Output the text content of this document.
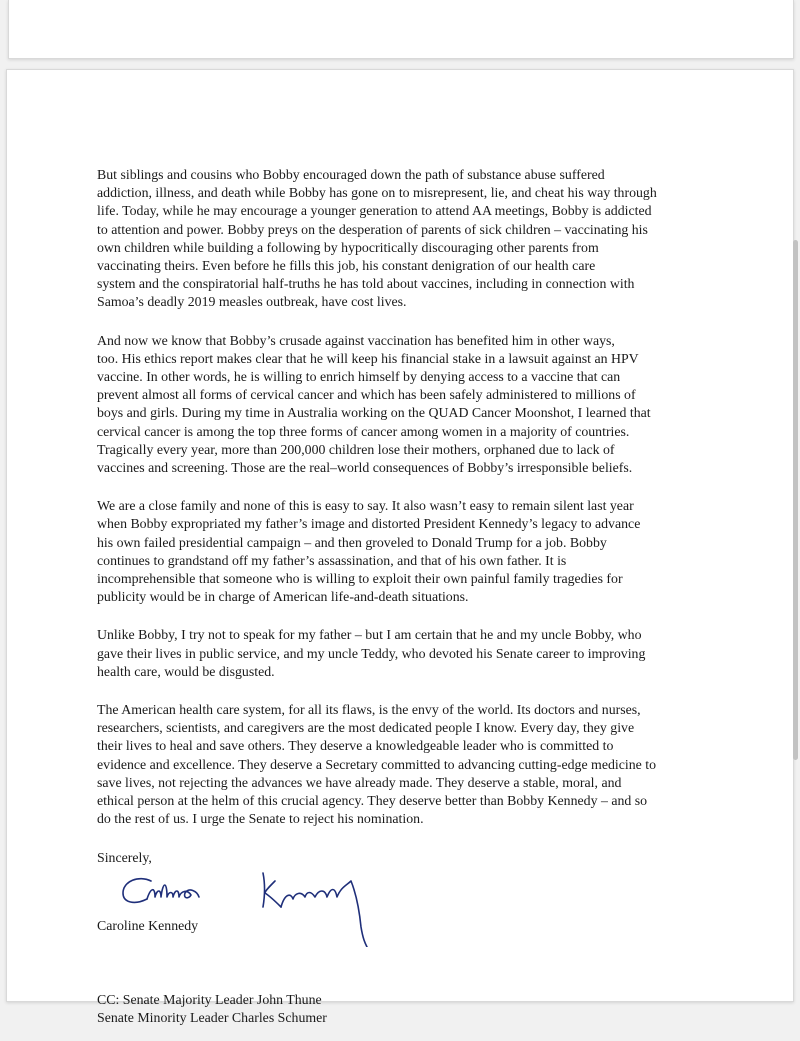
But siblings and cousins who Bobby encouraged down the path of substance abuse suffered
addiction, illness, and death while Bobby has gone on to misrepresent, lie, and cheat his way through
life. Today, while he may encourage a younger generation to attend AA meetings, Bobby is addicted
to attention and power. Bobby preys on the desperation of parents of sick children – vaccinating his
own children while building a following by hypocritically discouraging other parents from
vaccinating theirs. Even before he fills this job, his constant denigration of our health care
system and the conspiratorial half-truths he has told about vaccines, including in connection with
Samoa’s deadly 2019 measles outbreak, have cost lives.

And now we know that Bobby’s crusade against vaccination has benefited him in other ways,
too. His ethics report makes clear that he will keep his financial stake in a lawsuit against an HPV
vaccine. In other words, he is willing to enrich himself by denying access to a vaccine that can
prevent almost all forms of cervical cancer and which has been safely administered to millions of
boys and girls. During my time in Australia working on the QUAD Cancer Moonshot, I learned that
cervical cancer is among the top three forms of cancer among women in a majority of countries.
Tragically every year, more than 200,000 children lose their mothers, orphaned due to lack of
vaccines and screening. Those are the real–world consequences of Bobby’s irresponsible beliefs.

We are a close family and none of this is easy to say. It also wasn’t easy to remain silent last year
when Bobby expropriated my father’s image and distorted President Kennedy’s legacy to advance
his own failed presidential campaign – and then groveled to Donald Trump for a job. Bobby
continues to grandstand off my father’s assassination, and that of his own father. It is
incomprehensible that someone who is willing to exploit their own painful family tragedies for
publicity would be in charge of American life-and-death situations.

Unlike Bobby, I try not to speak for my father – but I am certain that he and my uncle Bobby, who
gave their lives in public service, and my uncle Teddy, who devoted his Senate career to improving
health care, would be disgusted.

The American health care system, for all its flaws, is the envy of the world. Its doctors and nurses,
researchers, scientists, and caregivers are the most dedicated people I know. Every day, they give
their lives to heal and save others. They deserve a knowledgeable leader who is committed to
evidence and excellence. They deserve a Secretary committed to advancing cutting-edge medicine to
save lives, not rejecting the advances we have already made. They deserve a stable, moral, and
ethical person at the helm of this crucial agency. They deserve better than Bobby Kennedy – and so
do the rest of us. I urge the Senate to reject his nomination.

Sincerely,

Caroline Kennedy

CC: Senate Majority Leader John Thune
Senate Minority Leader Charles Schumer
